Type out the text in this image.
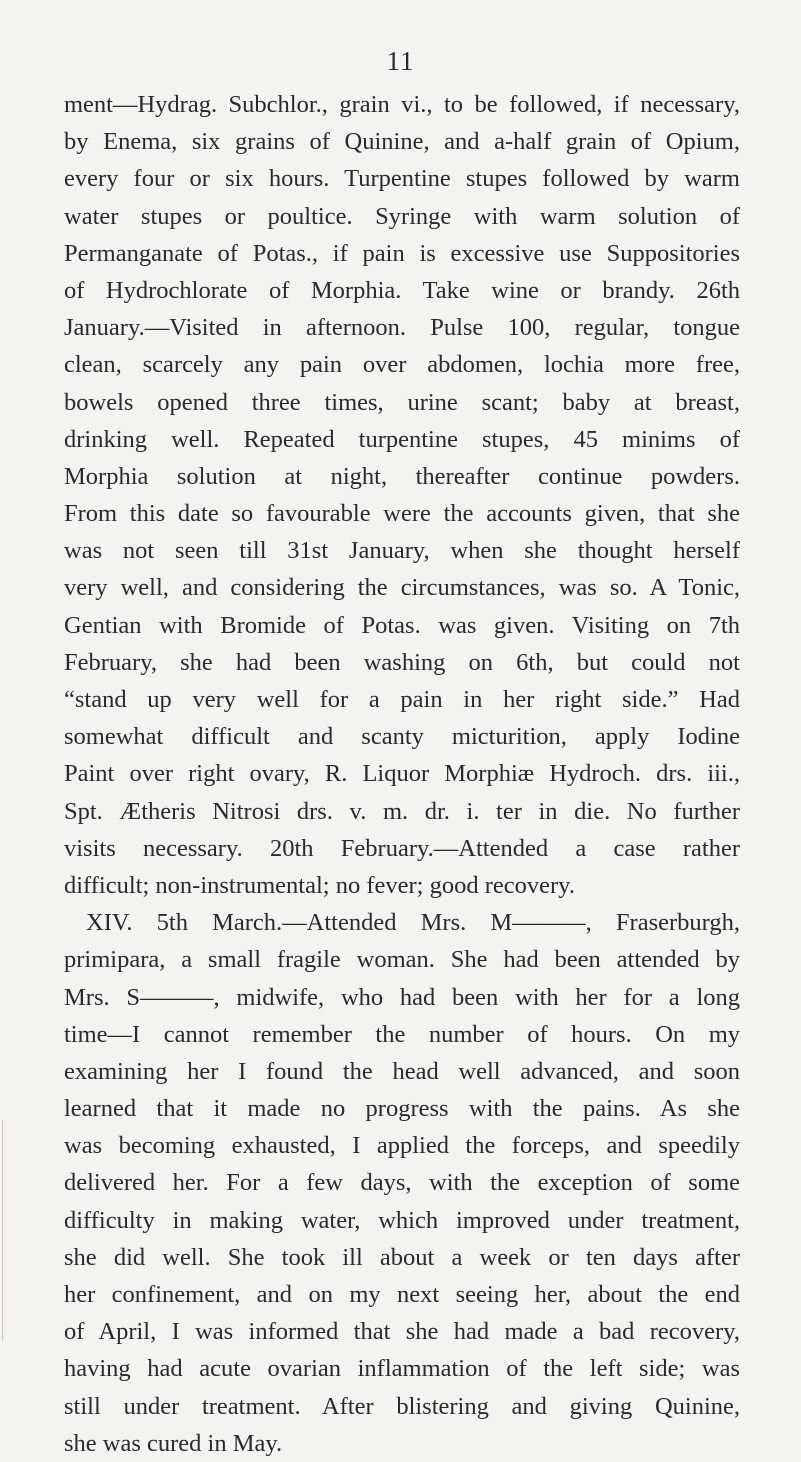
11
ment—Hydrag. Subchlor., grain vi., to be followed, if necessary,
by Enema, six grains of Quinine, and a-half grain of Opium,
every four or six hours. Turpentine stupes followed by warm
water stupes or poultice. Syringe with warm solution of
Permanganate of Potas., if pain is excessive use Suppositories
of Hydrochlorate of Morphia. Take wine or brandy. 26th
January.—Visited in afternoon. Pulse 100, regular, tongue
clean, scarcely any pain over abdomen, lochia more free,
bowels opened three times, urine scant; baby at breast,
drinking well. Repeated turpentine stupes, 45 minims of
Morphia solution at night, thereafter continue powders.
From this date so favourable were the accounts given, that she
was not seen till 31st January, when she thought herself
very well, and considering the circumstances, was so. A Tonic,
Gentian with Bromide of Potas. was given. Visiting on 7th
February, she had been washing on 6th, but could not
“stand up very well for a pain in her right side.” Had
somewhat difficult and scanty micturition, apply Iodine
Paint over right ovary, R. Liquor Morphiæ Hydroch. drs. iii.,
Spt. Ætheris Nitrosi drs. v. m. dr. i. ter in die. No further
visits necessary. 20th February.—Attended a case rather
difficult; non-instrumental; no fever; good recovery.
XIV. 5th March.—Attended Mrs. M———, Fraserburgh,
primipara, a small fragile woman. She had been attended by
Mrs. S———, midwife, who had been with her for a long
time—I cannot remember the number of hours. On my
examining her I found the head well advanced, and soon
learned that it made no progress with the pains. As she
was becoming exhausted, I applied the forceps, and speedily
delivered her. For a few days, with the exception of some
difficulty in making water, which improved under treatment,
she did well. She took ill about a week or ten days after
her confinement, and on my next seeing her, about the end
of April, I was informed that she had made a bad recovery,
having had acute ovarian inflammation of the left side; was
still under treatment. After blistering and giving Quinine,
she was cured in May.
